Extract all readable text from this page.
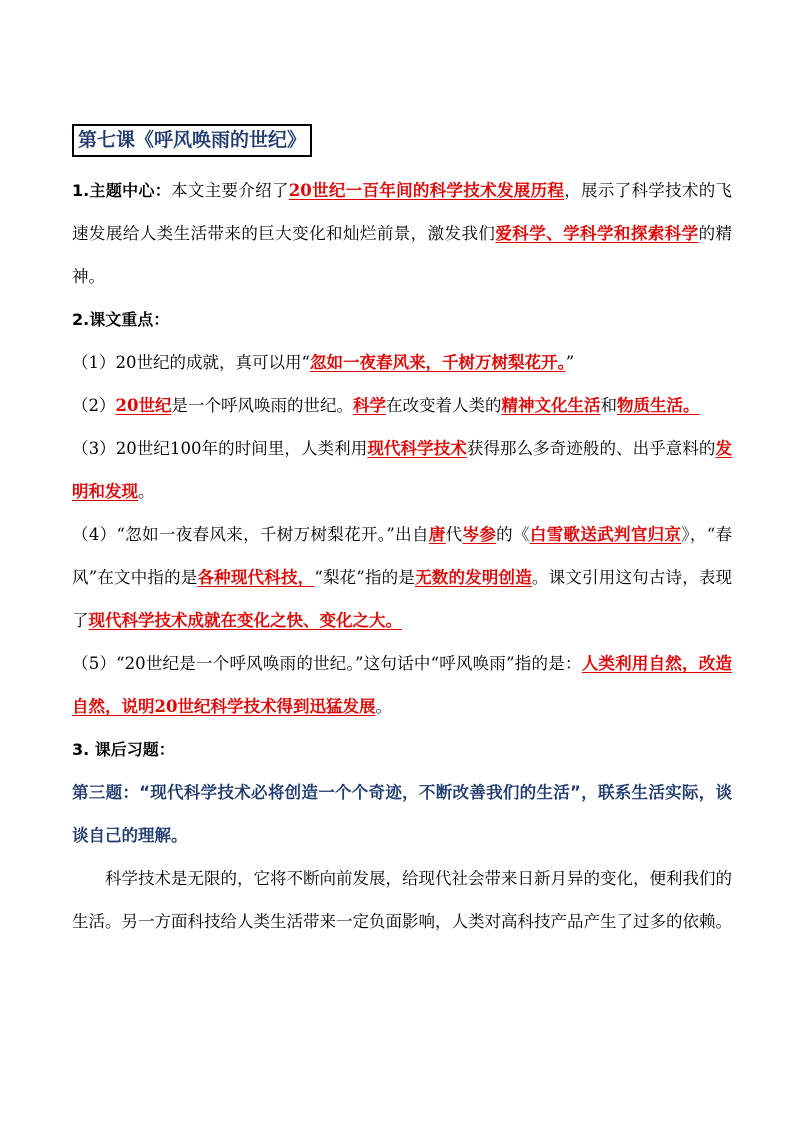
第七课《呼风唤雨的世纪》

1.主题中心：本文主要介绍了20世纪一百年间的科学技术发展历程，展示了科学技术的飞速发展给人类生活带来的巨大变化和灿烂前景，激发我们爱科学、学科学和探索科学的精神。

2.课文重点：

（1）20世纪的成就，真可以用“忽如一夜春风来，千树万树梨花开。”

（2）20世纪是一个呼风唤雨的世纪。科学在改变着人类的精神文化生活和物质生活。

（3）20世纪100年的时间里，人类利用现代科学技术获得那么多奇迹般的、出乎意料的发明和发现。

（4）“忽如一夜春风来，千树万树梨花开。”出自唐代岑参的《白雪歌送武判官归京》，“春风”在文中指的是各种现代科技，“梨花”指的是无数的发明创造。课文引用这句古诗，表现了现代科学技术成就在变化之快、变化之大。

（5）“20世纪是一个呼风唤雨的世纪。”这句话中“呼风唤雨”指的是：人类利用自然，改造自然，说明20世纪科学技术得到迅猛发展。

3. 课后习题：

第三题：“现代科学技术必将创造一个个奇迹，不断改善我们的生活”，联系生活实际，谈谈自己的理解。

科学技术是无限的，它将不断向前发展，给现代社会带来日新月异的变化，便利我们的生活。另一方面科技给人类生活带来一定负面影响，人类对高科技产品产生了过多的依赖。
